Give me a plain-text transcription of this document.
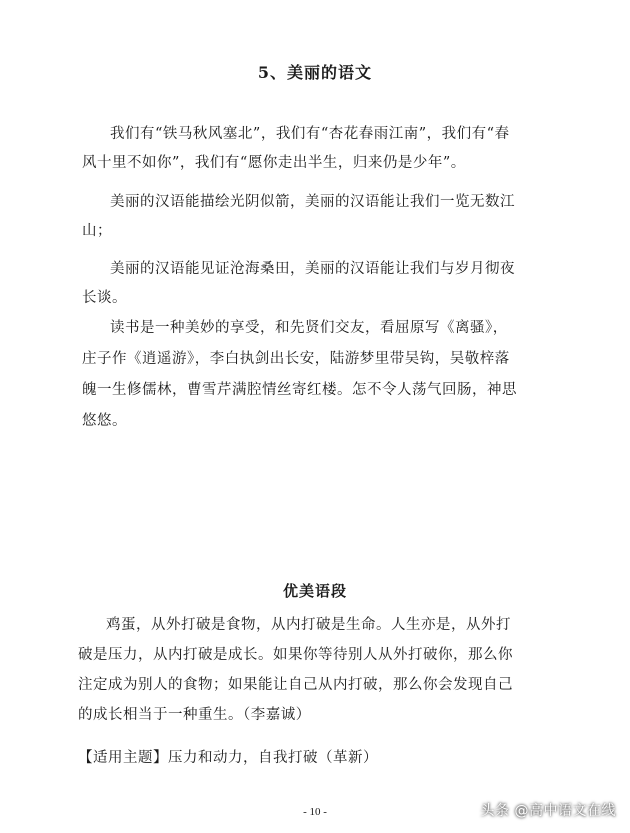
5、美丽的语文

我们有“铁马秋风塞北”，我们有“杏花春雨江南”，我们有“春风十里不如你”，我们有“愿你走出半生，归来仍是少年”。

美丽的汉语能描绘光阴似箭，美丽的汉语能让我们一览无数江山；

美丽的汉语能见证沧海桑田，美丽的汉语能让我们与岁月彻夜长谈。

读书是一种美妙的享受，和先贤们交友，看屈原写《离骚》，庄子作《逍遥游》，李白执剑出长安，陆游梦里带吴钩，吴敬梓落魄一生修儒林，曹雪芹满腔情丝寄红楼。怎不令人荡气回肠，神思悠悠。

优美语段

鸡蛋，从外打破是食物，从内打破是生命。人生亦是，从外打破是压力，从内打破是成长。如果你等待别人从外打破你，那么你注定成为别人的食物；如果能让自己从内打破，那么你会发现自己的成长相当于一种重生。（李嘉诚）

【适用主题】压力和动力，自我打破（革新）

- 10 -	头条 @高中语文在线
